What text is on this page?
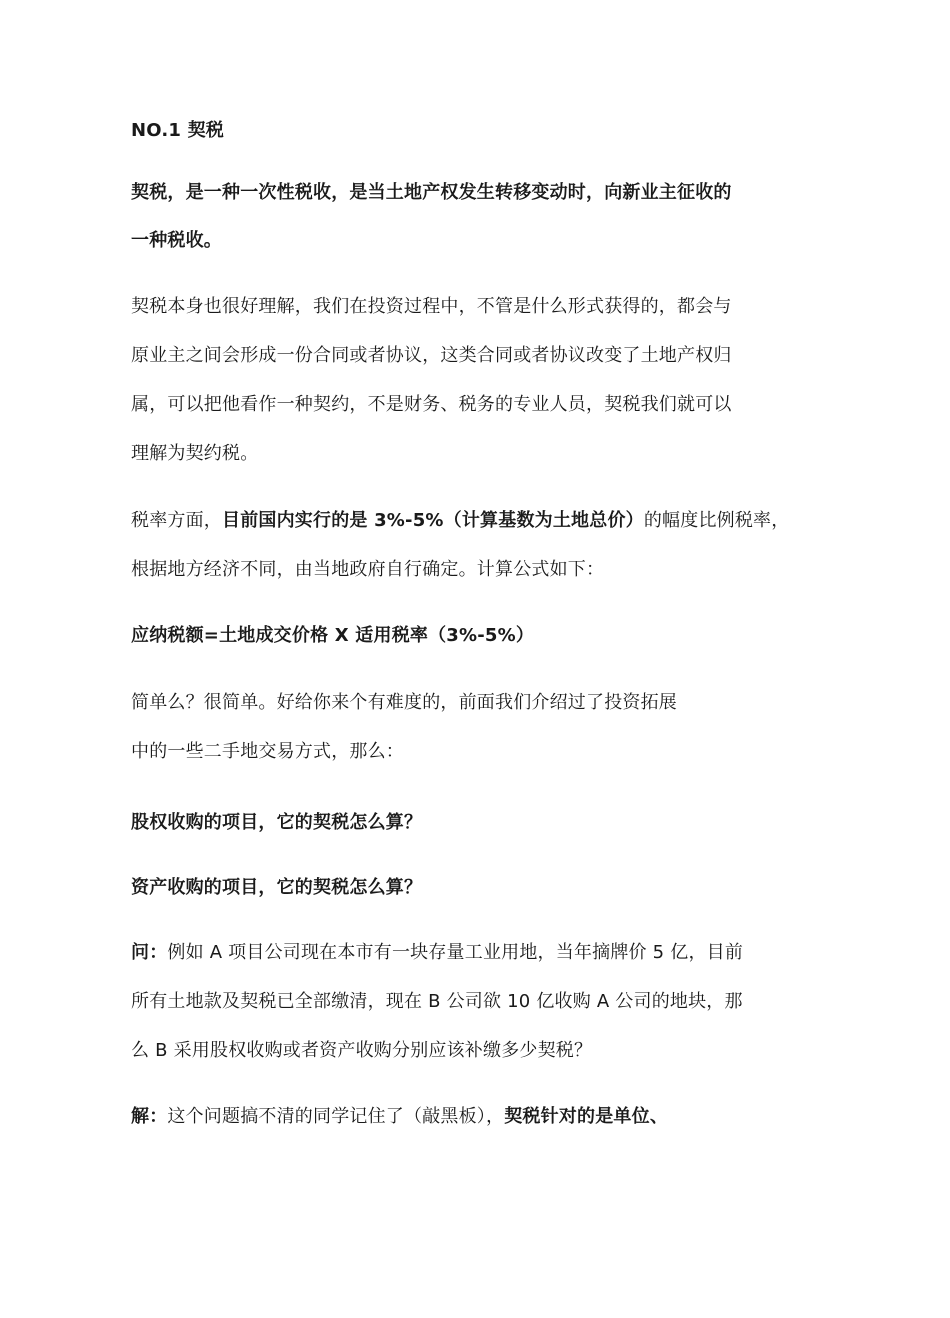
NO.1 契税
契税，是一种一次性税收，是当土地产权发生转移变动时，向新业主征收的
一种税收。
契税本身也很好理解，我们在投资过程中，不管是什么形式获得的，都会与
原业主之间会形成一份合同或者协议，这类合同或者协议改变了土地产权归
属，可以把他看作一种契约，不是财务、税务的专业人员，契税我们就可以
理解为契约税。
税率方面，目前国内实行的是 3%-5%（计算基数为土地总价）的幅度比例税率，
根据地方经济不同，由当地政府自行确定。计算公式如下：
应纳税额=土地成交价格 X 适用税率（3%-5%）
简单么？很简单。好给你来个有难度的，前面我们介绍过了投资拓展
中的一些二手地交易方式，那么：
股权收购的项目，它的契税怎么算？
资产收购的项目，它的契税怎么算？
问：例如 A 项目公司现在本市有一块存量工业用地，当年摘牌价 5 亿，目前
所有土地款及契税已全部缴清，现在 B 公司欲 10 亿收购 A 公司的地块，那
么 B 采用股权收购或者资产收购分别应该补缴多少契税？
解：这个问题搞不清的同学记住了（敲黑板），契税针对的是单位、
